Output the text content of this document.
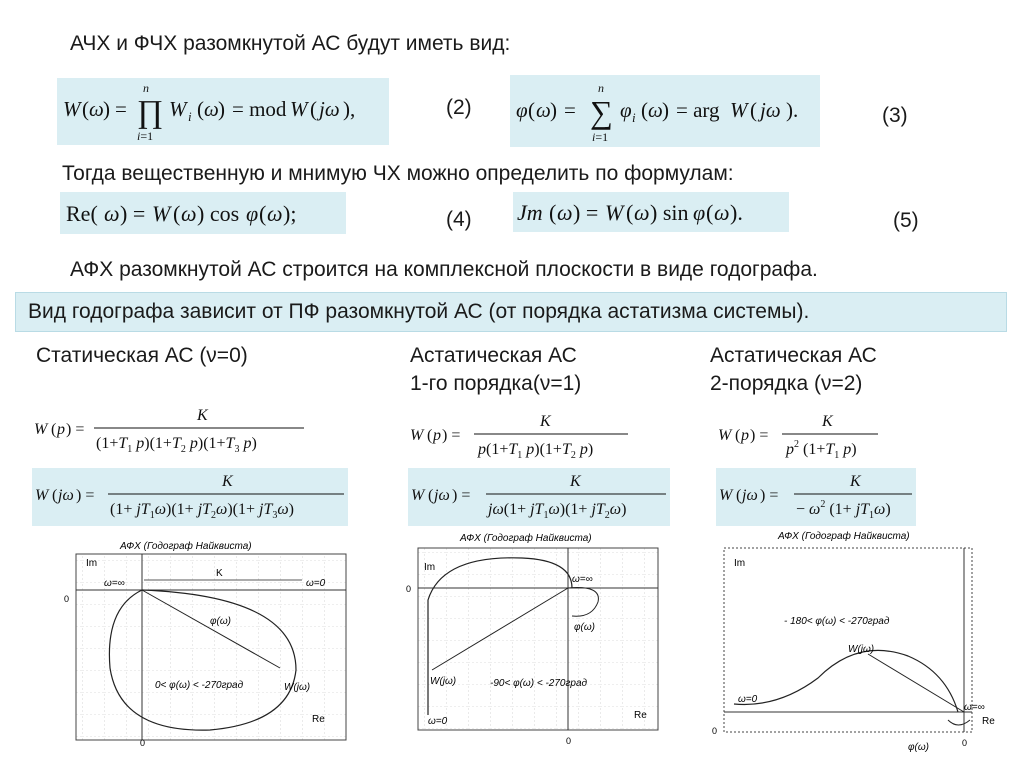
АЧХ и ФЧХ разомкнутой АС будут иметь вид:
W ( ω ) = ∏
n
i=1
W i ( ω ) = mod W ( jω ),	(2) φ ( ω ) = ∑
n
i=1
φ i ( ω ) = arg W ( jω ).	(3)
Тогда вещественную и мнимую ЧХ можно определить по формулам:
Re( ω ) = W ( ω ) cos φ ( ω );	(4) Jm ( ω ) = W ( ω ) sin φ ( ω ).	(5)
АФХ разомкнутой АС строится на комплексной плоскости в виде годографа.
Вид годографа зависит от ПФ разомкнутой АС (от порядка астатизма системы).
Статическая АС (ν=0)	Астатическая АС
1-го порядка(ν=1)
Астатическая АС
2-порядка (ν=2)
W ( p ) =
K
($1+T_1$ $p)(1+T_2$ $p)(1+T_3$ p)
W ( jω ) =
K
$(1+ jT_1\omega)(1+ jT_2\omega)(1+ jT_3\omega)$
W ( p ) =
K
$p(1+T_1$ $p)(1+T_2$ p)
W ( jω ) =
K
$j\omega(1+ jT_1\omega)(1+ jT_2\omega)$
W ( p ) =
K
$p^2$ ($1+T_1$ p)
W ( jω ) =
K
− $\omega^2$ $(1+ jT_1\omega)$
АФХ (Годограф Найквиста)
Im
Re
0
0
ω=∞	ω=0
K
φ(ω)
0< φ(ω) < -270град	W(jω)
АФХ (Годограф Найквиста)
Im
Re
0
0
ω=∞
ω=0
φ(ω)
-90< φ(ω) < -270град
W(jω)
АФХ (Годограф Найквиста)
Im
Re
0
0
ω=∞
ω=0
- 180< φ(ω) < -270град
W(jω)
φ(ω)
